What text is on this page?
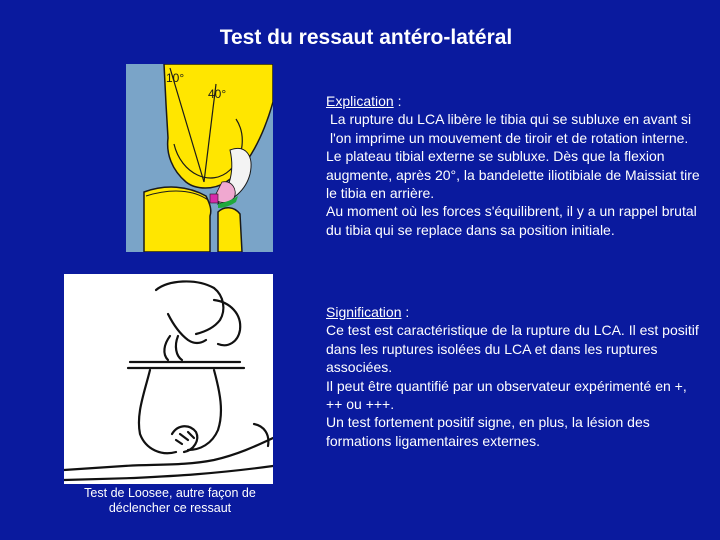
Test du ressaut antéro-latéral
10°
40°
Test de Loosee, autre façon de déclencher ce ressaut

Explication :

La rupture du LCA libère le tibia qui se subluxe en avant si l'on imprime un mouvement de tiroir et de rotation interne.

Le plateau tibial externe se subluxe. Dès que la flexion augmente, après 20°, la bandelette iliotibiale de Maissiat tire le tibia en arrière.

Au moment où les forces s'équilibrent, il y a un rappel brutal du tibia qui se replace dans sa position initiale.

Signification :

Ce test est caractéristique de la rupture du LCA. Il est positif dans les ruptures isolées du LCA et dans les ruptures associées.

Il peut être quantifié par un observateur expérimenté en +, ++ ou +++.

Un test fortement positif signe, en plus, la lésion des formations ligamentaires externes.
